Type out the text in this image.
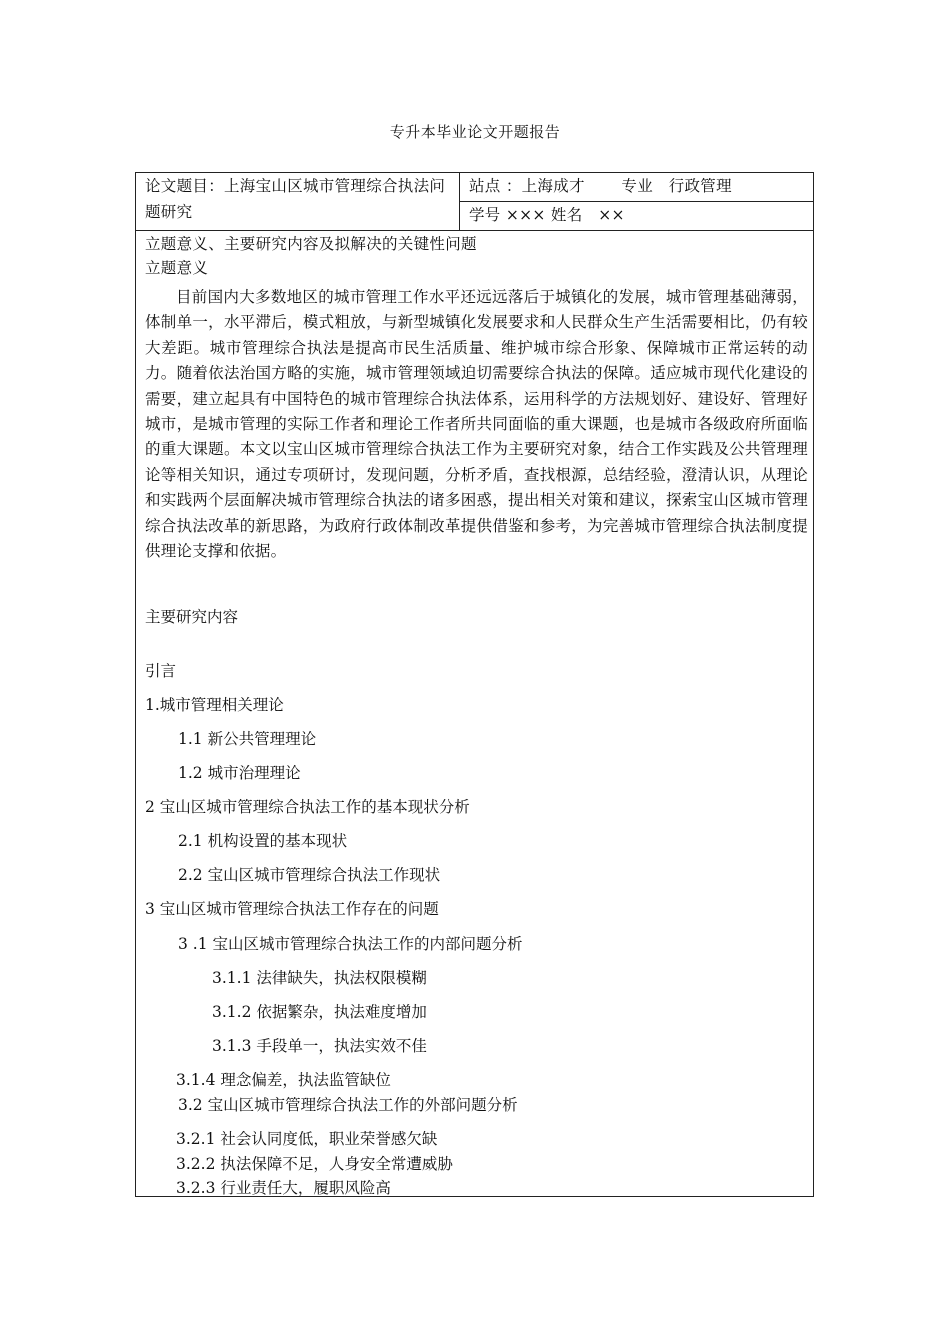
专升本毕业论文开题报告
论文题目：上海宝山区城市管理综合执法问题研究
站点 ：上海成才       专业   行政管理
学号 ××× 姓名   ××
立题意义、主要研究内容及拟解决的关键性问题
立题意义
目前国内大多数地区的城市管理工作水平还远远落后于城镇化的发展，城市管理基础薄弱，体制单一，水平滞后，模式粗放，与新型城镇化发展要求和人民群众生产生活需要相比，仍有较大差距。城市管理综合执法是提高市民生活质量、维护城市综合形象、保障城市正常运转的动力。随着依法治国方略的实施，城市管理领域迫切需要综合执法的保障。适应城市现代化建设的需要，建立起具有中国特色的城市管理综合执法体系，运用科学的方法规划好、建设好、管理好城市，是城市管理的实际工作者和理论工作者所共同面临的重大课题，也是城市各级政府所面临的重大课题。本文以宝山区城市管理综合执法工作为主要研究对象，结合工作实践及公共管理理论等相关知识，通过专项研讨，发现问题，分析矛盾，查找根源，总结经验，澄清认识，从理论和实践两个层面解决城市管理综合执法的诸多困惑，提出相关对策和建议，探索宝山区城市管理综合执法改革的新思路，为政府行政体制改革提供借鉴和参考，为完善城市管理综合执法制度提供理论支撑和依据。
主要研究内容
引言
1.城市管理相关理论
1.1 新公共管理理论
1.2 城市治理理论
2 宝山区城市管理综合执法工作的基本现状分析
2.1 机构设置的基本现状
2.2 宝山区城市管理综合执法工作现状
3 宝山区城市管理综合执法工作存在的问题
3 .1 宝山区城市管理综合执法工作的内部问题分析
3.1.1 法律缺失，执法权限模糊
3.1.2 依据繁杂，执法难度增加
3.1.3 手段单一，执法实效不佳
3.1.4 理念偏差，执法监管缺位
3.2 宝山区城市管理综合执法工作的外部问题分析
3.2.1 社会认同度低，职业荣誉感欠缺
3.2.2 执法保障不足，人身安全常遭威胁
3.2.3 行业责任大，履职风险高
